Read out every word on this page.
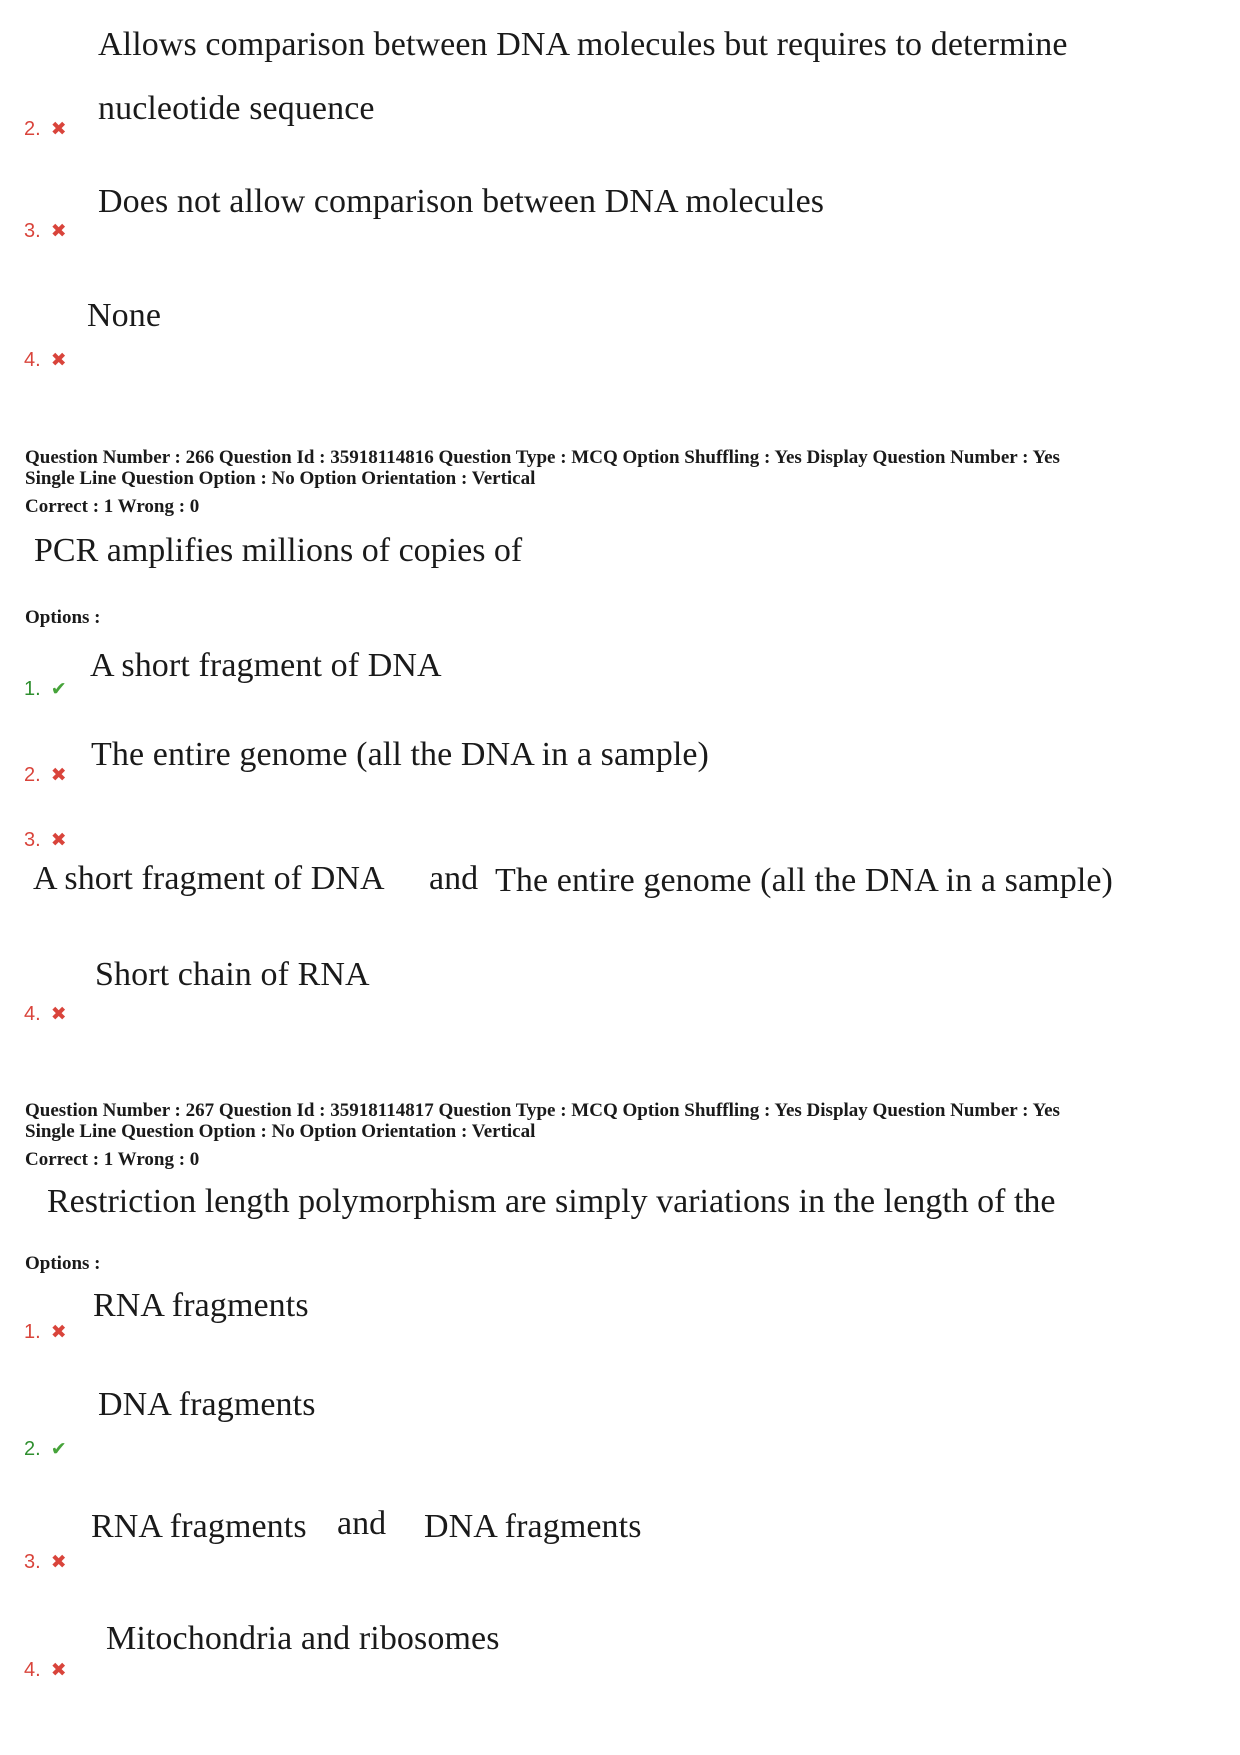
Allows comparison between DNA molecules but requires to determine
nucleotide sequence
2. ✖
Does not allow comparison between DNA molecules
3. ✖
None
4. ✖
Question Number : 266 Question Id : 35918114816 Question Type : MCQ Option Shuffling : Yes Display Question Number : Yes
Single Line Question Option : No Option Orientation : Vertical
Correct : 1 Wrong : 0
PCR amplifies millions of copies of
Options :
A short fragment of DNA
1. ✔
The entire genome (all the DNA in a sample)
2. ✖
3. ✖
A short fragment of DNA and The entire genome (all the DNA in a sample)
Short chain of RNA
4. ✖
Question Number : 267 Question Id : 35918114817 Question Type : MCQ Option Shuffling : Yes Display Question Number : Yes
Single Line Question Option : No Option Orientation : Vertical
Correct : 1 Wrong : 0
Restriction length polymorphism are simply variations in the length of the
Options :
RNA fragments
1. ✖
DNA fragments
2. ✔
RNA fragments and DNA fragments
3. ✖
Mitochondria and ribosomes
4. ✖
